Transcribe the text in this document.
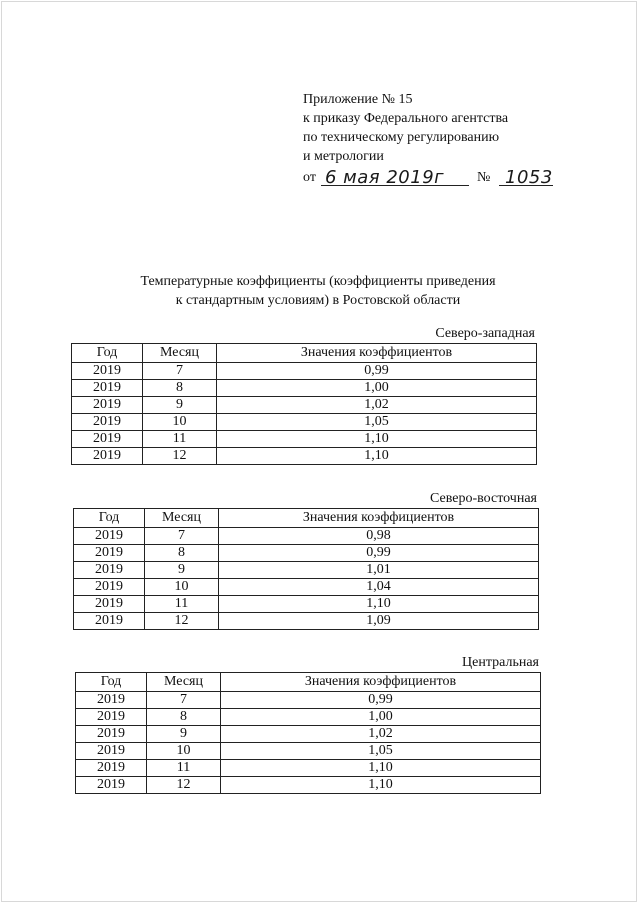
Приложение № 15
к приказу Федерального агентства
по техническому регулированию
и метрологии
от 6 мая 2019г № 1053
Температурные коэффициенты (коэффициенты приведения
к стандартным условиям) в Ростовской области
Северо-западная
Год	Месяц	Значения коэффициентов
2019	7	0,99
2019	8	1,00
2019	9	1,02
2019	10	1,05
2019	11	1,10
2019	12	1,10
Северо-восточная
Год	Месяц	Значения коэффициентов
2019	7	0,98
2019	8	0,99
2019	9	1,01
2019	10	1,04
2019	11	1,10
2019	12	1,09
Центральная
Год	Месяц	Значения коэффициентов
2019	7	0,99
2019	8	1,00
2019	9	1,02
2019	10	1,05
2019	11	1,10
2019	12	1,10
